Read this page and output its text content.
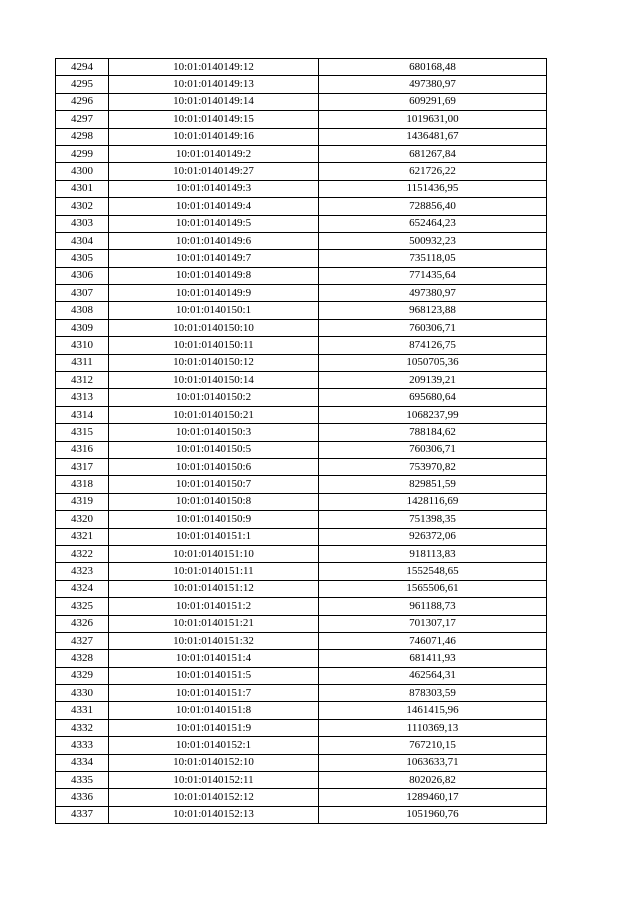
4294	10:01:0140149:12	680168,48
4295	10:01:0140149:13	497380,97
4296	10:01:0140149:14	609291,69
4297	10:01:0140149:15	1019631,00
4298	10:01:0140149:16	1436481,67
4299	10:01:0140149:2	681267,84
4300	10:01:0140149:27	621726,22
4301	10:01:0140149:3	1151436,95
4302	10:01:0140149:4	728856,40
4303	10:01:0140149:5	652464,23
4304	10:01:0140149:6	500932,23
4305	10:01:0140149:7	735118,05
4306	10:01:0140149:8	771435,64
4307	10:01:0140149:9	497380,97
4308	10:01:0140150:1	968123,88
4309	10:01:0140150:10	760306,71
4310	10:01:0140150:11	874126,75
4311	10:01:0140150:12	1050705,36
4312	10:01:0140150:14	209139,21
4313	10:01:0140150:2	695680,64
4314	10:01:0140150:21	1068237,99
4315	10:01:0140150:3	788184,62
4316	10:01:0140150:5	760306,71
4317	10:01:0140150:6	753970,82
4318	10:01:0140150:7	829851,59
4319	10:01:0140150:8	1428116,69
4320	10:01:0140150:9	751398,35
4321	10:01:0140151:1	926372,06
4322	10:01:0140151:10	918113,83
4323	10:01:0140151:11	1552548,65
4324	10:01:0140151:12	1565506,61
4325	10:01:0140151:2	961188,73
4326	10:01:0140151:21	701307,17
4327	10:01:0140151:32	746071,46
4328	10:01:0140151:4	681411,93
4329	10:01:0140151:5	462564,31
4330	10:01:0140151:7	878303,59
4331	10:01:0140151:8	1461415,96
4332	10:01:0140151:9	1110369,13
4333	10:01:0140152:1	767210,15
4334	10:01:0140152:10	1063633,71
4335	10:01:0140152:11	802026,82
4336	10:01:0140152:12	1289460,17
4337	10:01:0140152:13	1051960,76
